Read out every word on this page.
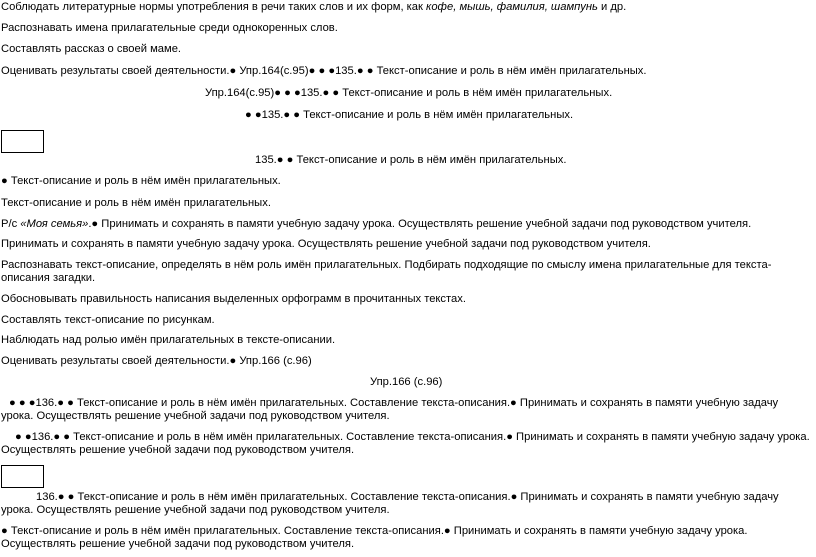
Соблюдать литературные нормы употребления в речи таких слов и их форм, как кофе, мышь, фамилия, шампунь и др.
Распознавать имена прилагательные среди однокоренных слов.
Составлять рассказ о своей маме.
Оценивать результаты своей деятельности.● Упр.164(с.95)● ● ●135.● ● Текст-описание и роль в нём имён прилагательных.
Упр.164(с.95)● ● ●135.● ● Текст-описание и роль в нём имён прилагательных.
● ●135.● ● Текст-описание и роль в нём имён прилагательных.
135.● ● Текст-описание и роль в нём имён прилагательных.
● Текст-описание и роль в нём имён прилагательных.
Текст-описание и роль в нём имён прилагательных.
Р/с «Моя семья».● Принимать и сохранять в памяти учебную задачу урока. Осуществлять решение учебной задачи под руководством учителя.
Принимать и сохранять в памяти учебную задачу урока. Осуществлять решение учебной задачи под руководством учителя.
Распознавать текст-описание, определять в нём роль имён прилагательных. Подбирать подходящие по смыслу имена прилагательные для текста-описания загадки.
Обосновывать правильность написания выделенных орфограмм в прочитанных текстах.
Составлять текст-описание по рисункам.
Наблюдать над ролью имён прилагательных в тексте-описании.
Оценивать результаты своей деятельности.● Упр.166 (с.96)
Упр.166 (с.96)
● ● ●136.● ● Текст-описание и роль в нём имён прилагательных. Составление текста-описания.● Принимать и сохранять в памяти учебную задачу урока. Осуществлять решение учебной задачи под руководством учителя.
● ●136.● ● Текст-описание и роль в нём имён прилагательных. Составление текста-описания.● Принимать и сохранять в памяти учебную задачу урока. Осуществлять решение учебной задачи под руководством учителя.
136.● ● Текст-описание и роль в нём имён прилагательных. Составление текста-описания.● Принимать и сохранять в памяти учебную задачу урока. Осуществлять решение учебной задачи под руководством учителя.
● Текст-описание и роль в нём имён прилагательных. Составление текста-описания.● Принимать и сохранять в памяти учебную задачу урока. Осуществлять решение учебной задачи под руководством учителя.
